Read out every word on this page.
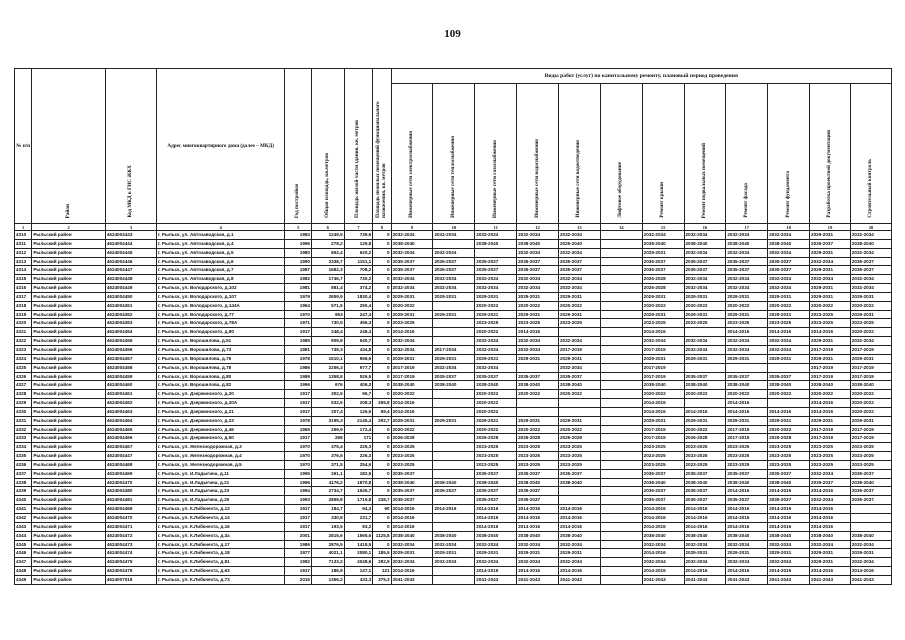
109
№ п/п	Район	Код МКД в ГИС ЖКХ	Адрес многоквартирного дома (далее – МКД)	Год постройки	Общая площадь, кв.метров	Площадь жилой части здания, кв. метров	Площадь нежилых помещений функционального назначения, кв. метров	Виды работ (услуг) по капитальному ремонту, плановый период проведения											
								Инженерные сети электроснабжения	Инженерные сети теплоснабжения	Инженерные сети газоснабжения	Инженерные сети водоснабжения	Инженерные сети водоотведения	Лифтовое оборудование	Ремонт крыши	Ремонт подвальных помещений	Ремонт фасада	Ремонт фундамента	Разработка проектной документации	Строительный контроль
1	2	3	4	5	6	7	8	9	10	11	12	13	14	15	16	17	18	19	20
4310	Рыльский район	4624004443	г. Рыльск, ул. Автозаводская, д.1	1983	1249,5	739,6	0	2032-2034	2032-2034	2032-2034	2032-2034	2032-2034		2032-2034	2032-2034	2032-2034	2032-2034	2029-2031	2032-2034
4311	Рыльский район	4624004444	г. Рыльск, ул. Автозаводская, д.4	1996	278,2	129,8	0	2038-2040		2038-2040	2038-2040	2026-2040		2038-2040	2038-2040	2038-2040	2038-2040	2035-2037	2038-2040
4312	Рыльский район	4624004445	г. Рыльск, ул. Автозаводская, д.5	1980	852,4	620,2	0	2032-2034	2032-2034		2032-2034	2032-2034		2029-2031	2032-2034	2032-2034	2032-2034	2029-2031	2032-2034
4313	Рыльский район	4624004446	г. Рыльск, ул. Автозаводская, д.6	1990	2338,7	1151,1	0	2035-2037	2035-2037	2035-2037	2035-2037	2035-2037		2035-2037	2035-2037	2035-2037	2035-2037	2032-2034	2035-2037
4314	Рыльский район	4624004447	г. Рыльск, ул. Автозаводская, д.7	1987	1682,3	708,2	0	2035-2037	2035-2037	2035-2037	2035-2037	2035-2037		2035-2037	2035-2037	2035-2037	2035-2037	2029-2031	2035-2037
4315	Рыльский район	4624004448	г. Рыльск, ул. Автозаводская, д.8	1982	1746,7	730,2	0	2032-2034	2032-2034	2032-2034	2032-2034	2032-2034		2026-2028	2032-2034	2032-2034	2032-2034	2032-2034	2032-2034
4316	Рыльский район	4624004449	г. Рыльск, ул. Володарского, д.102	1981	881,4	374,2	0	2032-2034	2032-2034	2032-2034	2032-2034	2032-2034		2026-2028	2032-2034	2032-2034	2032-2034	2029-2031	2032-2034
4317	Рыльский район	4624004450	г. Рыльск, ул. Володарского, д.107	1979	2659,9	1830,4	0	2029-2031	2029-2031	2029-2031	2029-2031	2029-2031		2029-2031	2029-2031	2029-2031	2029-2031	2029-2031	2029-2031
4318	Рыльский район	4624004451	г. Рыльск, ул. Володарского, д.144А	1964	571,5	250,4	0	2020-2022		2020-2022	2020-2022	2020-2022		2020-2022	2020-2022	2020-2022	2020-2022	2020-2022	2020-2022
4319	Рыльский район	4624004452	г. Рыльск, ул. Володарского, д.77	1970	963	247,4	0	2029-2031	2029-2031	2029-2031	2029-2031	2029-2031		2029-2031	2029-2031	2029-2031	2029-2031	2023-2025	2029-2031
4320	Рыльский район	4624004453	г. Рыльск, ул. Володарского, д.78А	1971	730,5	456,3	0	2023-2025		2023-2025	2023-2025	2023-2025		2023-2025	2023-2025	2023-2025	2023-2025	2023-2025	2023-2025
4321	Рыльский район	4624004454	г. Рыльск, ул. Володарского, д.80	1917	248,4	248,4	0	2014-2016		2020-2022	2014-2016			2014-2016		2014-2016	2014-2016	2014-2016	2020-2022
4322	Рыльский район	4624004455	г. Рыльск, ул. Ворошилова, д.51	1985	909,8	540,7	0	2032-2034		2032-2034	2032-2034	2032-2034		2032-2034	2032-2034	2032-2034	2032-2034	2029-2031	2032-2034
4323	Рыльский район	4624004456	г. Рыльск, ул. Ворошилова, д.73	1981	749,3	434,8	0	2032-2034	2017-2034	2032-2034	2032-2034	2017-2019		2017-2019	2032-2034	2032-2034	2032-2034	2017-2019	2017-2019
4324	Рыльский район	4624004457	г. Рыльск, ул. Ворошилова, д.75	1978	1510,1	556,6	0	2029-2031	2029-2031	2029-2031	2029-2031	2029-2031		2029-2031	2029-2031	2029-2031	2029-2031	2029-2031	2029-2031
4325	Рыльский район	4624004458	г. Рыльск, ул. Ворошилова, д.78	1986	2256,3	677,7	0	2017-2019	2032-2034	2032-2034		2032-2034		2017-2019				2017-2019	2017-2019
4326	Рыльский район	4624004459	г. Рыльск, ул. Ворошилова, д.80	1989	1358,8	526,5	0	2017-2019	2035-2037	2035-2037	2035-2037	2035-2037		2017-2019	2035-2037	2035-2037	2035-2037	2017-2019	2017-2019
4327	Рыльский район	4624004460	г. Рыльск, ул. Ворошилова, д.82	1996	676	406,3	0	2038-2040	2038-2040	2038-2040	2038-2040	2038-2040		2038-2040	2038-2040	2038-2040	2038-2040	2038-2040	2038-2040
4328	Рыльский район	4624004461	г. Рыльск, ул. Дзержинского, д.20	1917	302,5	96,7	0	2020-2022		2020-2022	2020-2022	2020-2022		2020-2022	2020-2022	2020-2022	2020-2022	2020-2022	2020-2022
4329	Рыльский район	4624004462	г. Рыльск, ул. Дзержинского, д.20А	1917	532,5	208,3	265,8	2014-2016		2020-2022				2014-2016		2014-2016		2014-2016	2020-2022
4330	Рыльский район	4624004463	г. Рыльск, ул. Дзержинского, д.21	1917	207,4	126,6	59,4	2014-2016		2020-2022				2014-2016	2014-2016	2014-2016	2014-2016	2014-2016	2020-2022
4331	Рыльский район	4624004464	г. Рыльск, ул. Дзержинского, д.23	1978	3195,3	2145,4	292,7	2029-2031	2029-2031	2029-2031	2029-2031	2029-2031		2029-2031	2029-2031	2029-2031	2029-2031	2029-2031	2029-2031
4332	Рыльский район	4624004465	г. Рыльск, ул. Дзержинского, д.46	1965	259,9	172,4	0	2020-2022		2020-2022	2020-2022	2020-2022		2017-2019	2020-2022	2017-2019	2020-2022	2017-2019	2017-2019
4333	Рыльский район	4624004466	г. Рыльск, ул. Дзержинского, д.50	1917	268	171	0	2026-2028		2026-2028	2026-2028	2026-2028		2017-2019	2026-2028	2017-2019	2026-2028	2017-2019	2017-2019
4334	Рыльский район	4624004467	г. Рыльск, ул. Железнодорожная, д.3	1970	375,4	225,3	0	2023-2025		2023-2025	2023-2025	2023-2025		2023-2025	2023-2025	2023-2025	2023-2025	2023-2025	2023-2025
4335	Рыльский район	4624004447	г. Рыльск, ул. Железнодорожная, д.4	1970	376,5	226,3	0	2023-2025		2023-2025	2023-2025	2023-2025		2023-2025	2023-2025	2023-2025	2023-2025	2023-2025	2023-2025
4336	Рыльский район	4624004468	г. Рыльск, ул. Железнодорожная, д.5	1970	371,5	254,6	0	2023-2025		2023-2025	2023-2025	2023-2025		2023-2025	2023-2025	2023-2025	2023-2025	2023-2025	2023-2025
4337	Рыльский район	4624004469	г. Рыльск, ул. И.Ладыгина, д.11	1995	261,1	182,5	0	2035-2037		2035-2037	2035-2037	2035-2037		2035-2037	2035-2037	2035-2037	2035-2037	2032-2034	2035-2037
4338	Рыльский район	4624004470	г. Рыльск, ул. И.Ладыгина, д.21	1996	4176,2	1870,8	0	2038-2040	2038-2040	2038-2040	2038-2040	2038-2040		2038-2040	2038-2040	2038-2040	2038-2040	2035-2037	2038-2040
4339	Рыльский район	4624004480	г. Рыльск, ул. И.Ладыгина, д.23	1994	2734,7	1645,7	0	2035-2037	2035-2037	2035-2037	2035-2037			2035-2037	2035-2037	2014-2016	2014-2016	2014-2016	2035-2037
4340	Рыльский район	4624004481	г. Рыльск, ул. И.Ладыгина, д.25	1993	2859,8	1719,8	238,7	2035-2037		2035-2037	2035-2037			2035-2037	2035-2037	2035-2037	2035-2037	2032-2034	2035-2037
4341	Рыльский район	4624004469	г. Рыльск, ул. К.Либкнехта, д.13	1917	184,7	94,3	60	2014-2016	2014-2016	2014-2016	2014-2016	2014-2016		2014-2016	2014-2016	2014-2016	2014-2016	2014-2016	
4342	Рыльский район	4624004470	г. Рыльск, ул. К.Либкнехта, д.14	1917	330,8	231,7	0	2014-2016		2014-2016	2014-2016	2014-2016		2014-2016	2014-2016	2014-2016	2014-2016	2014-2016	
4343	Рыльский район	4624004471	г. Рыльск, ул. К.Либкнехта, д.16	1917	193,5	83,2	0	2014-2016		2014-2016	2014-2016	2014-2016		2014-2016	2014-2016	2014-2016	2014-2016	2014-2016	
4344	Рыльский район	4624004472	г. Рыльск, ул. К.Либкнехта, д.3а	2001	2815,6	1565,6	1125,8	2038-2040	2038-2040	2038-2040	2038-2040	2038-2040		2038-2040	2038-2040	2038-2040	2038-2040	2038-2040	2038-2040
4345	Рыльский район	4624004473	г. Рыльск, ул. К.Либкнехта, д.17	1986	2876,5	1418,5	0	2032-2034	2032-2034	2032-2034	2032-2034	2032-2034		2032-2034	2032-2034	2032-2034	2032-2034	2032-2034	2032-2034
4346	Рыльский район	4624004474	г. Рыльск, ул. К.Либкнехта, д.18	1977	4021,1	2080,1	185,5	2029-2031	2029-2031	2029-2031	2029-2031	2029-2031		2014-2016	2029-2031	2029-2031	2029-2031	2029-2031	2029-2031
4347	Рыльский район	4624004475	г. Рыльск, ул. К.Либкнехта, д.81	1982	7133,2	4048,6	282,9	2032-2034	2032-2034	2032-2034	2032-2034	2032-2034		2032-2034	2032-2034	2032-2034	2032-2034	2029-2031	2032-2034
4348	Рыльский район	4624004476	г. Рыльск, ул. К.Либкнехта, д.63	1917	186,9	147,1	121	2014-2016		2014-2016	2014-2016	2014-2016		2014-2016	2014-2016	2014-2016	2014-2016	2014-2016	2014-2016
4349	Рыльский район	4624007018	г. Рыльск, ул. К.Либкнехта, д.73	2015	1356,2	433,3	375,3	2041-2043		2041-2043	2041-2043	2041-2043		2041-2043	2041-2043	2041-2043	2041-2043	2041-2043	2041-2043
